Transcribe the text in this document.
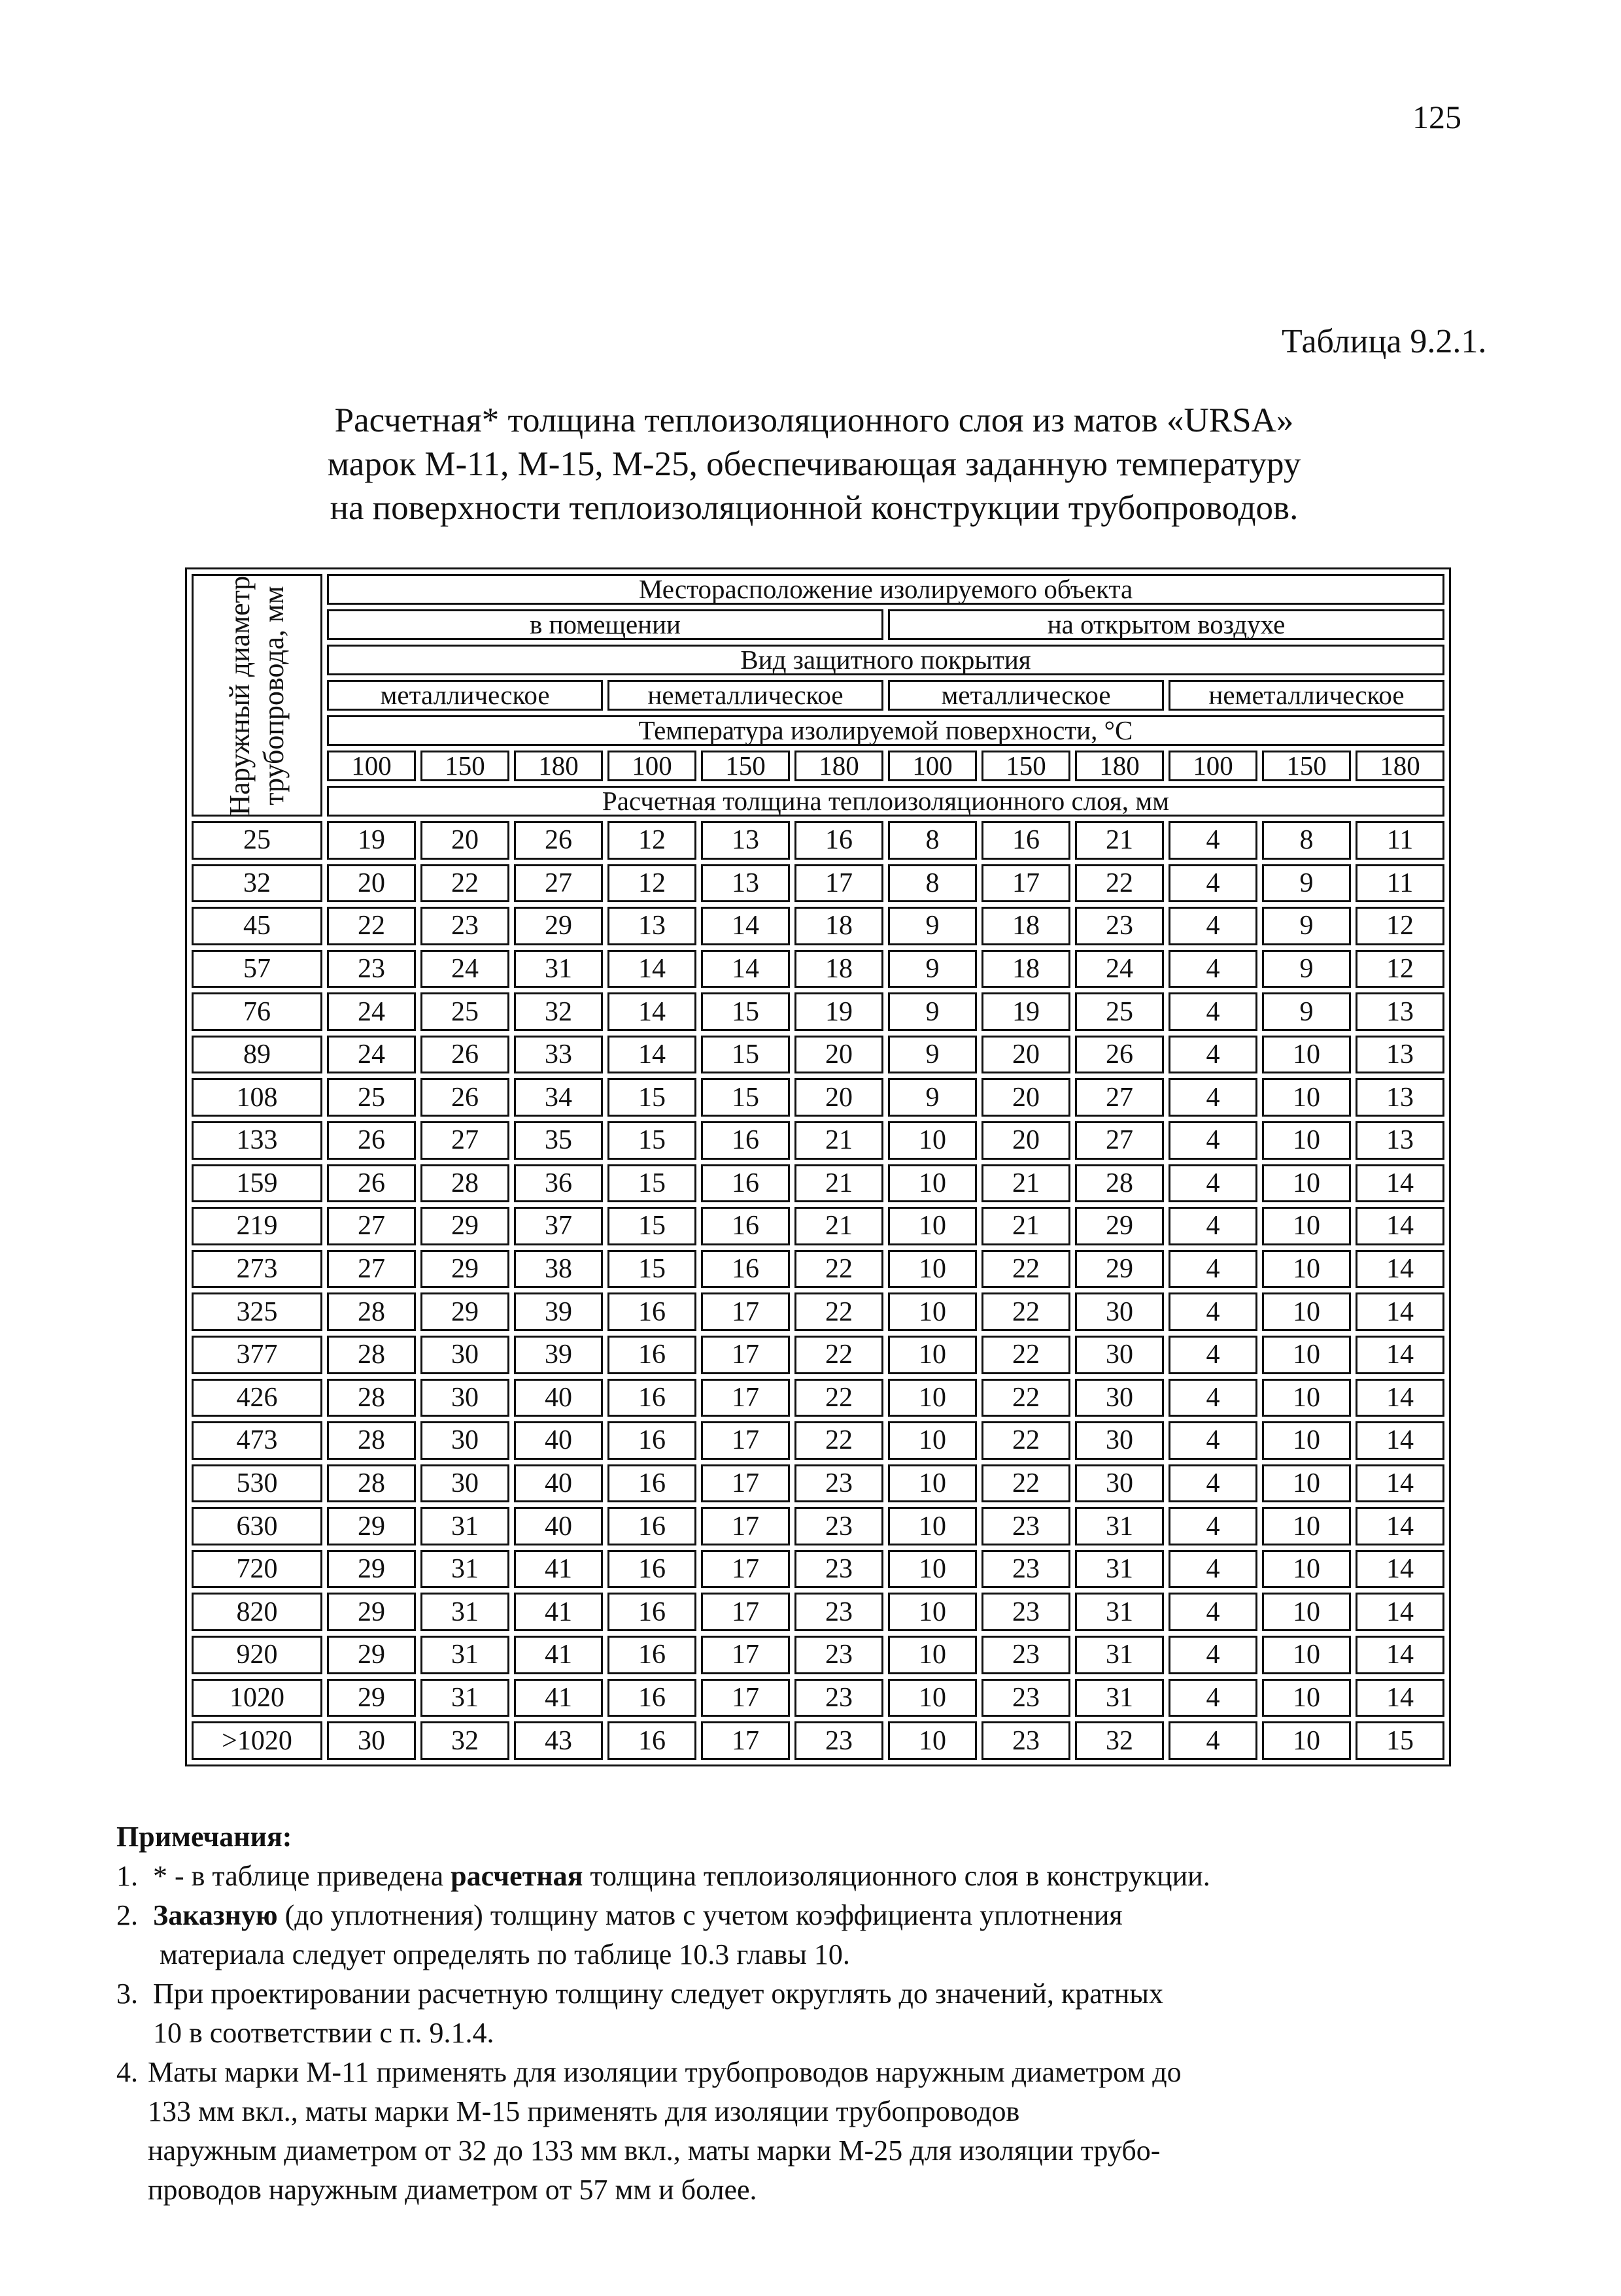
125
Таблица 9.2.1.
Расчетная* толщина теплоизоляционного слоя из матов «URSA»
марок М-11, М-15, М-25, обеспечивающая заданную температуру
на поверхности теплоизоляционной конструкции трубопроводов.
Наружный диаметр трубопровода, мм	Месторасположение изолируемого объекта											
	в помещении						на открытом воздухе					
	Вид защитного покрытия											
	металлическое			неметаллическое			металлическое			неметаллическое		
	Температура изолируемой поверхности, °С											
	100	150	180	100	150	180	100	150	180	100	150	180
	Расчетная толщина теплоизоляционного слоя, мм											
25	19	20	26	12	13	16	8	16	21	4	8	11
32	20	22	27	12	13	17	8	17	22	4	9	11
45	22	23	29	13	14	18	9	18	23	4	9	12
57	23	24	31	14	14	18	9	18	24	4	9	12
76	24	25	32	14	15	19	9	19	25	4	9	13
89	24	26	33	14	15	20	9	20	26	4	10	13
108	25	26	34	15	15	20	9	20	27	4	10	13
133	26	27	35	15	16	21	10	20	27	4	10	13
159	26	28	36	15	16	21	10	21	28	4	10	14
219	27	29	37	15	16	21	10	21	29	4	10	14
273	27	29	38	15	16	22	10	22	29	4	10	14
325	28	29	39	16	17	22	10	22	30	4	10	14
377	28	30	39	16	17	22	10	22	30	4	10	14
426	28	30	40	16	17	22	10	22	30	4	10	14
473	28	30	40	16	17	22	10	22	30	4	10	14
530	28	30	40	16	17	23	10	22	30	4	10	14
630	29	31	40	16	17	23	10	23	31	4	10	14
720	29	31	41	16	17	23	10	23	31	4	10	14
820	29	31	41	16	17	23	10	23	31	4	10	14
920	29	31	41	16	17	23	10	23	31	4	10	14
1020	29	31	41	16	17	23	10	23	31	4	10	14
>1020	30	32	43	16	17	23	10	23	32	4	10	15
Примечания:
1. * - в таблице приведена расчетная толщина теплоизоляционного слоя в конструкции.
2. Заказную (до уплотнения) толщину матов с учетом коэффициента уплотнения
материала следует определять по таблице 10.3 главы 10.
3. При проектировании расчетную толщину следует округлять до значений, кратных
10 в соответствии с п. 9.1.4.
4. Маты марки М-11 применять для изоляции трубопроводов наружным диаметром до
133 мм вкл., маты марки М-15 применять для изоляции трубопроводов
наружным диаметром от 32 до 133 мм вкл., маты марки М-25 для изоляции трубо-
проводов наружным диаметром от 57 мм и более.
